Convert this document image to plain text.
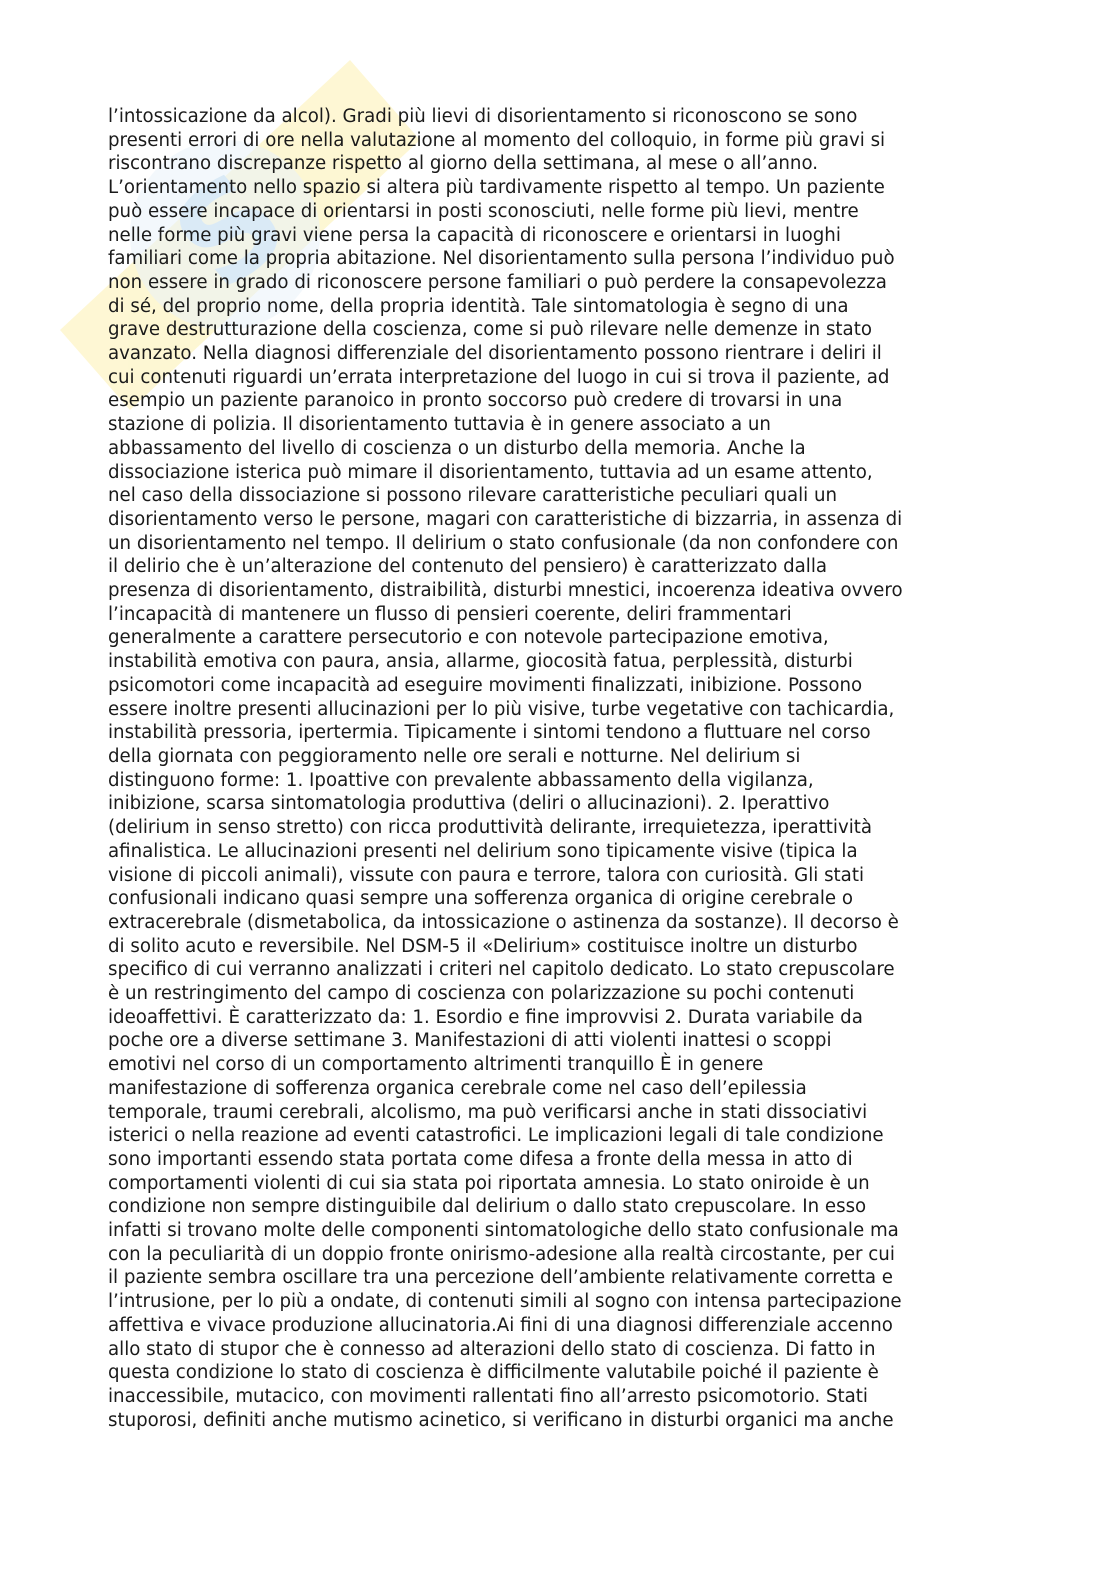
S
l’intossicazione da alcol). Gradi più lievi di disorientamento si riconoscono se sono
presenti errori di ore nella valutazione al momento del colloquio, in forme più gravi si
riscontrano discrepanze rispetto al giorno della settimana, al mese o all’anno.
L’orientamento nello spazio si altera più tardivamente rispetto al tempo. Un paziente
può essere incapace di orientarsi in posti sconosciuti, nelle forme più lievi, mentre
nelle forme più gravi viene persa la capacità di riconoscere e orientarsi in luoghi
familiari come la propria abitazione. Nel disorientamento sulla persona l’individuo può
non essere in grado di riconoscere persone familiari o può perdere la consapevolezza
di sé, del proprio nome, della propria identità. Tale sintomatologia è segno di una
grave destrutturazione della coscienza, come si può rilevare nelle demenze in stato
avanzato. Nella diagnosi differenziale del disorientamento possono rientrare i deliri il
cui contenuti riguardi un’errata interpretazione del luogo in cui si trova il paziente, ad
esempio un paziente paranoico in pronto soccorso può credere di trovarsi in una
stazione di polizia. Il disorientamento tuttavia è in genere associato a un
abbassamento del livello di coscienza o un disturbo della memoria. Anche la
dissociazione isterica può mimare il disorientamento, tuttavia ad un esame attento,
nel caso della dissociazione si possono rilevare caratteristiche peculiari quali un
disorientamento verso le persone, magari con caratteristiche di bizzarria, in assenza di
un disorientamento nel tempo. Il delirium o stato confusionale (da non confondere con
il delirio che è un’alterazione del contenuto del pensiero) è caratterizzato dalla
presenza di disorientamento, distraibilità, disturbi mnestici, incoerenza ideativa ovvero
l’incapacità di mantenere un flusso di pensieri coerente, deliri frammentari
generalmente a carattere persecutorio e con notevole partecipazione emotiva,
instabilità emotiva con paura, ansia, allarme, giocosità fatua, perplessità, disturbi
psicomotori come incapacità ad eseguire movimenti finalizzati, inibizione. Possono
essere inoltre presenti allucinazioni per lo più visive, turbe vegetative con tachicardia,
instabilità pressoria, ipertermia. Tipicamente i sintomi tendono a fluttuare nel corso
della giornata con peggioramento nelle ore serali e notturne. Nel delirium si
distinguono forme: 1. Ipoattive con prevalente abbassamento della vigilanza,
inibizione, scarsa sintomatologia produttiva (deliri o allucinazioni). 2. Iperattivo
(delirium in senso stretto) con ricca produttività delirante, irrequietezza, iperattività
afinalistica. Le allucinazioni presenti nel delirium sono tipicamente visive (tipica la
visione di piccoli animali), vissute con paura e terrore, talora con curiosità. Gli stati
confusionali indicano quasi sempre una sofferenza organica di origine cerebrale o
extracerebrale (dismetabolica, da intossicazione o astinenza da sostanze). Il decorso è
di solito acuto e reversibile. Nel DSM-5 il «Delirium» costituisce inoltre un disturbo
specifico di cui verranno analizzati i criteri nel capitolo dedicato. Lo stato crepuscolare
è un restringimento del campo di coscienza con polarizzazione su pochi contenuti
ideoaffettivi. È caratterizzato da: 1. Esordio e fine improvvisi 2. Durata variabile da
poche ore a diverse settimane 3. Manifestazioni di atti violenti inattesi o scoppi
emotivi nel corso di un comportamento altrimenti tranquillo È in genere
manifestazione di sofferenza organica cerebrale come nel caso dell’epilessia
temporale, traumi cerebrali, alcolismo, ma può verificarsi anche in stati dissociativi
isterici o nella reazione ad eventi catastrofici. Le implicazioni legali di tale condizione
sono importanti essendo stata portata come difesa a fronte della messa in atto di
comportamenti violenti di cui sia stata poi riportata amnesia. Lo stato oniroide è un
condizione non sempre distinguibile dal delirium o dallo stato crepuscolare. In esso
infatti si trovano molte delle componenti sintomatologiche dello stato confusionale ma
con la peculiarità di un doppio fronte onirismo-adesione alla realtà circostante, per cui
il paziente sembra oscillare tra una percezione dell’ambiente relativamente corretta e
l’intrusione, per lo più a ondate, di contenuti simili al sogno con intensa partecipazione
affettiva e vivace produzione allucinatoria.Ai fini di una diagnosi differenziale accenno
allo stato di stupor che è connesso ad alterazioni dello stato di coscienza. Di fatto in
questa condizione lo stato di coscienza è difficilmente valutabile poiché il paziente è
inaccessibile, mutacico, con movimenti rallentati fino all’arresto psicomotorio. Stati
stuporosi, definiti anche mutismo acinetico, si verificano in disturbi organici ma anche
